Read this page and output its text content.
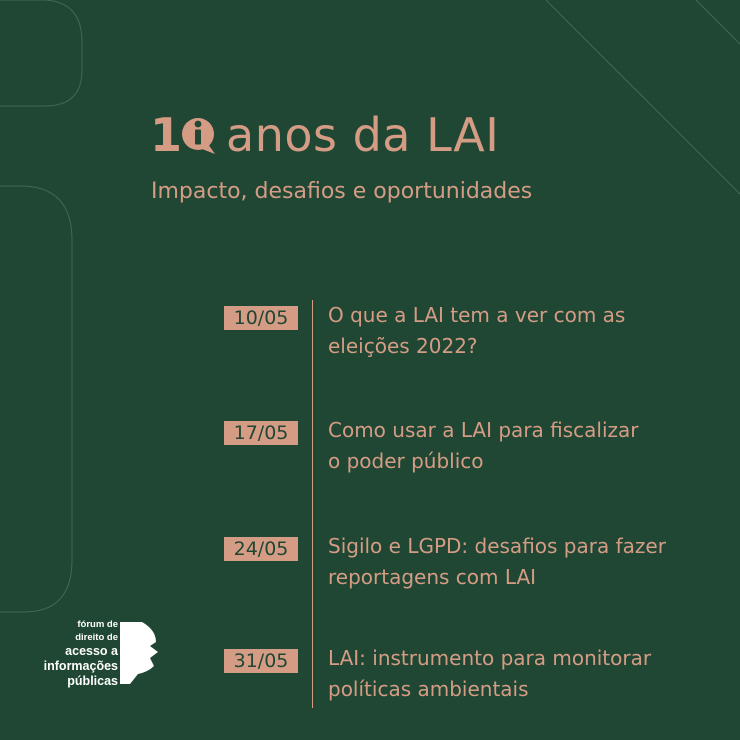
1 anos da LAI
Impacto, desafios e oportunidades
10/05	O que a LAI tem a ver com as
eleições 2022?
17/05	Como usar a LAI para fiscalizar
o poder público
24/05	Sigilo e LGPD: desafios para fazer
reportagens com LAI
31/05	LAI: instrumento para monitorar
políticas ambientais
fórum de
direito de
acesso a
informações
públicas
